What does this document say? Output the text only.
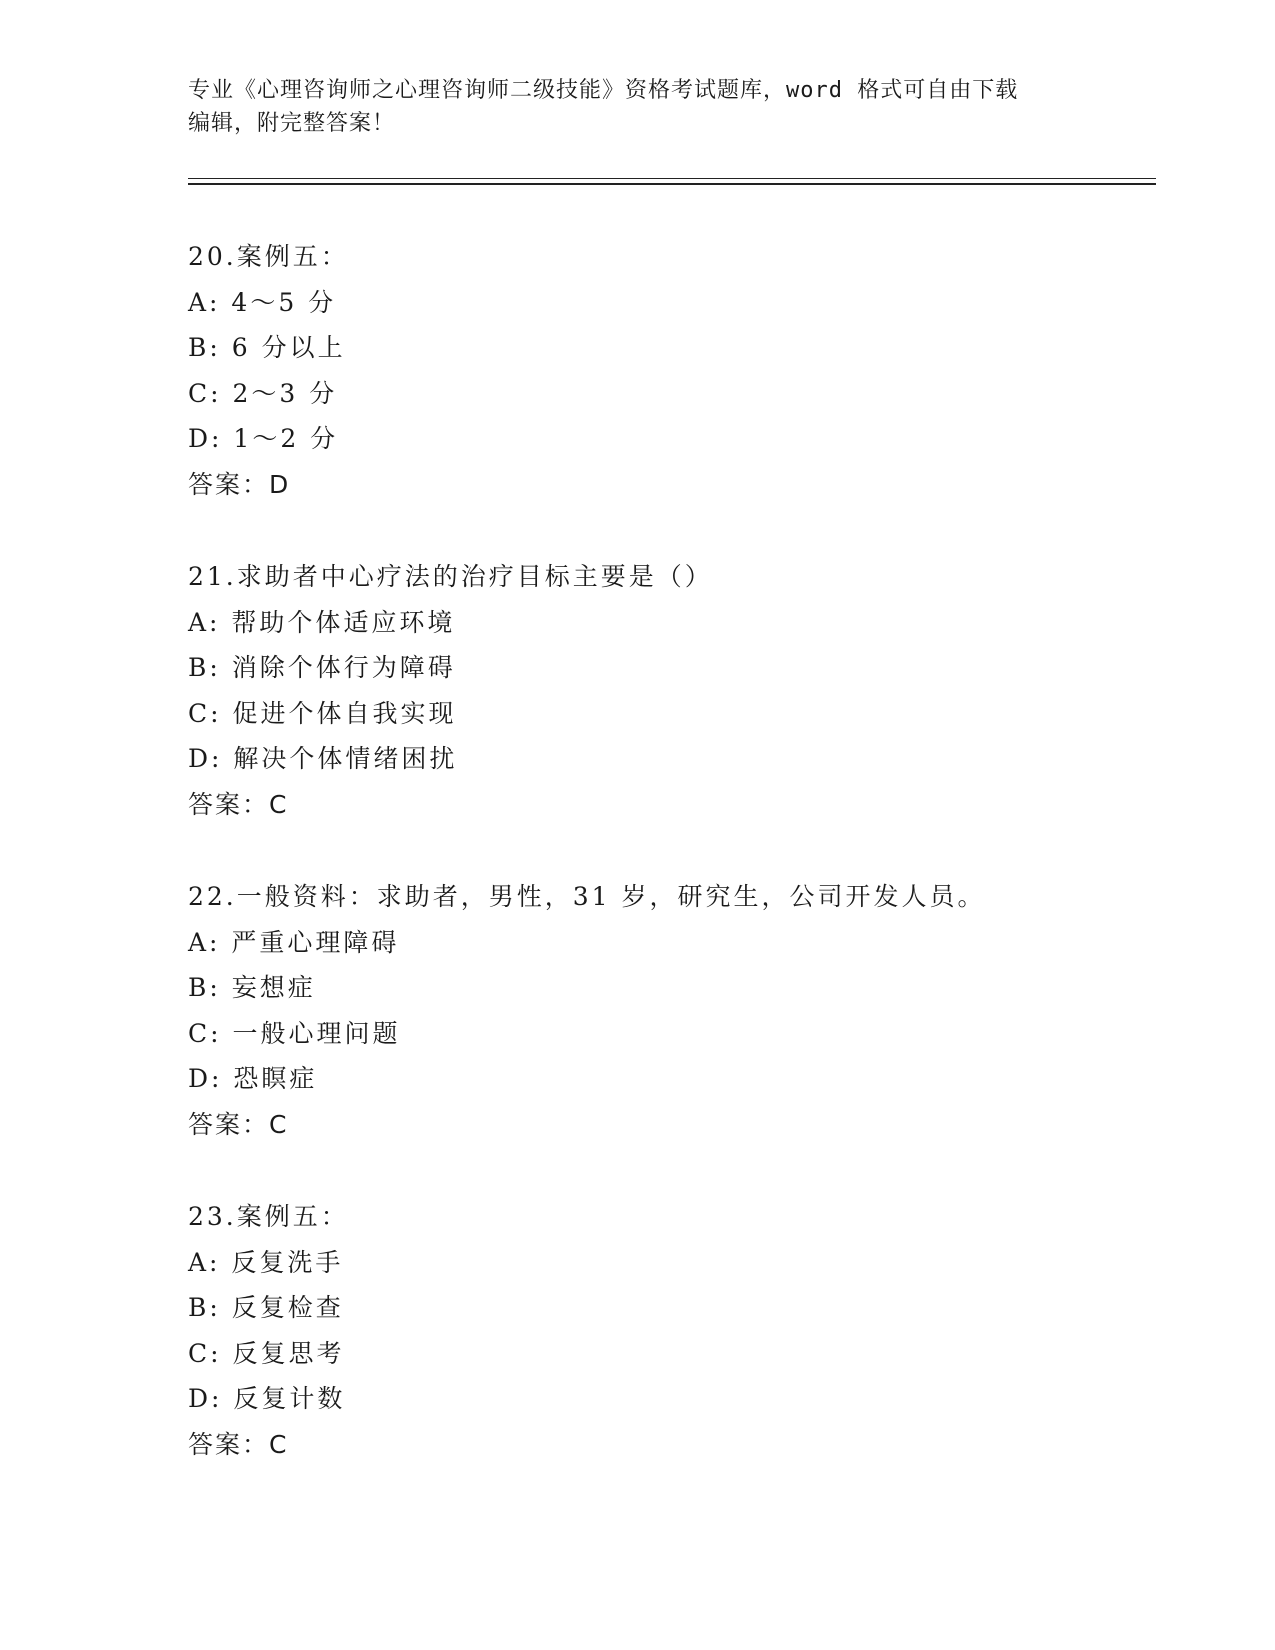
专业《心理咨询师之心理咨询师二级技能》资格考试题库，word 格式可自由下载

编辑，附完整答案！

20.案例五：
A: 4～5 分
B: 6 分以上
C: 2～3 分
D: 1～2 分
答案：D
21.求助者中心疗法的治疗目标主要是（）
A: 帮助个体适应环境
B: 消除个体行为障碍
C: 促进个体自我实现
D: 解决个体情绪困扰
答案：C
22.一般资料：求助者，男性，31 岁，研究生，公司开发人员。
A: 严重心理障碍
B: 妄想症
C: 一般心理问题
D: 恐瞑症
答案：C
23.案例五：
A: 反复洗手
B: 反复检查
C: 反复思考
D: 反复计数
答案：C
